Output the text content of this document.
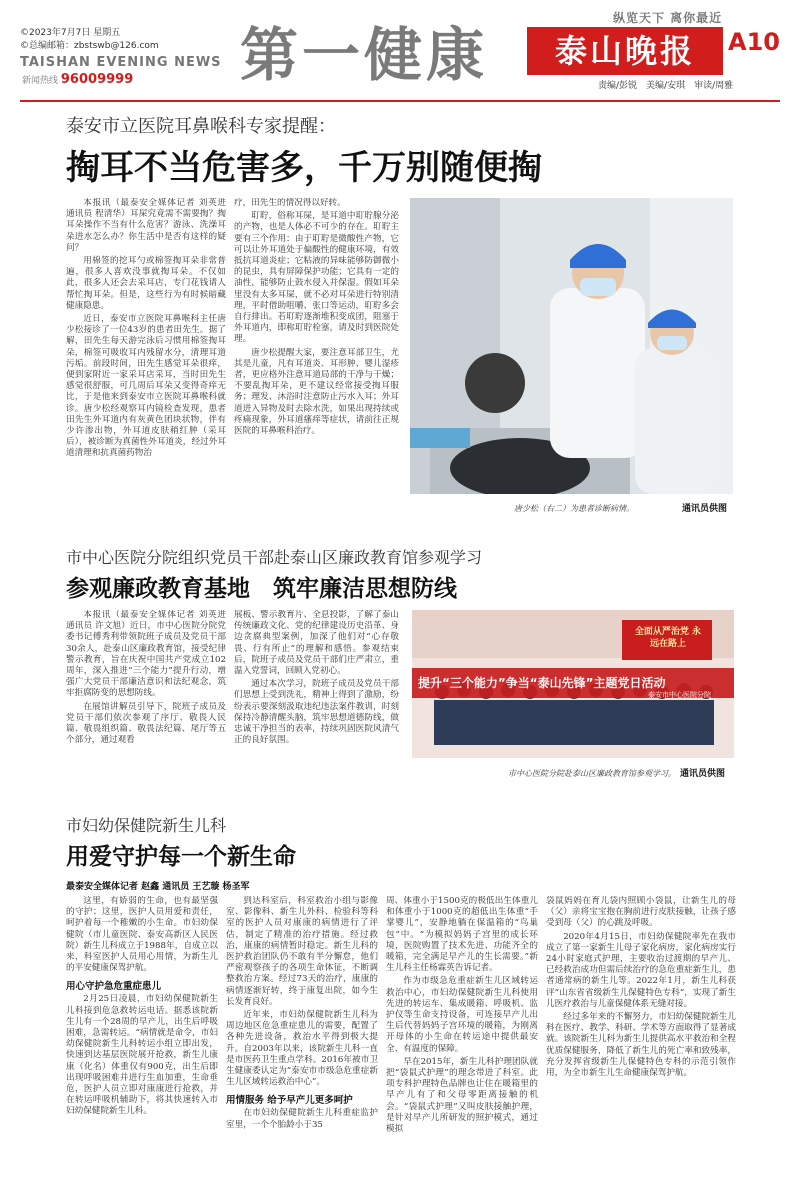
©2023年7月7日 星期五
©总编邮箱：zbstswb@126.com
TAISHAN EVENING NEWS
新闻热线 96009999 第一健康
纵览天下 离你最近
泰山晚报	A10
责编/彭锐　美编/安琪　审读/周雅
泰安市立医院耳鼻喉科专家提醒：
掏耳不当危害多，千万别随便掏

本报讯（最泰安全媒体记者 刘英进 通讯员 程清华）耳屎究竟需不需要掏？掏耳朵操作不当有什么危害？游泳、洗澡耳朵进水怎么办？你生活中是否有这样的疑问？

用棉签的挖耳勺或棉签掏耳朵非常普遍，很多人喜欢没事就掏耳朵。不仅如此，很多人还会去采耳店，专门花钱请人帮忙掏耳朵。但是，这些行为有时候暗藏健康隐患。

近日，泰安市立医院耳鼻喉科主任唐少松接诊了一位43岁的患者田先生。据了解，田先生每天游完泳后习惯用棉签掏耳朵，棉签可吸收耳内残留水分，清理耳道污垢。前段时间，田先生感觉耳朵很痒，便到家附近一家采耳店采耳，当时田先生感觉很舒服，可几周后耳朵又变得奇痒无比，于是他来到泰安市立医院耳鼻喉科就诊。唐少松经观察耳内镜检查发现，患者田先生外耳道内有灰黄色团块状物，伴有少许渗出物，外耳道皮肤稍红肿（采耳后），被诊断为真菌性外耳道炎，经过外耳道清理和抗真菌药物治

疗，田先生的情况得以好转。

耵聍，俗称耳屎，是耳道中耵聍腺分泌的产物，也是人体必不可少的存在。耵聍主要有三个作用：由于耵聍是微酸性产物，它可以让外耳道处于偏酸性的健康环境，有效抵抗耳道炎症；它粘液的异味能够防御微小的昆虫，具有屏障保护功能；它具有一定的油性，能够防止鼓水侵入并保湿。假如耳朵里没有太多耳屎，就不必对耳朵进行特别清理，平时借助咀嚼、张口等运动，耵聍多会自行排出。若耵聍逐渐堆积变成团，阻塞于外耳道内，即称耵聍栓塞，请及时到医院处理。

唐少松提醒大家，要注意耳部卫生，尤其是儿童，凡有耳道炎、耳形肿、婴儿湿疹者，更应格外注意耳道局部的干净与干燥；不要乱掏耳朵，更不建议经常接受掏耳服务；理发、沐浴时注意防止污水入耳；外耳道进入异物及时去除水洗，如果出现持续或疼痛现象，外耳道瘙痒等症状，请前往正规医院的耳鼻喉科治疗。

唐少松（右二）为患者诊断病情。	通讯员供图
市中心医院分院组织党员干部赴泰山区廉政教育馆参观学习
参观廉政教育基地　筑牢廉洁思想防线

本报讯（最泰安全媒体记者 刘英进 通讯员 许文旭）近日，市中心医院分院党委书记傅秀利带领院班子成员及党员干部30余人，赴泰山区廉政教育馆，接受纪律警示教育，旨在庆祝中国共产党成立102周年，深入推进“三个能力”提升行动，增强广大党员干部廉洁意识和法纪观念，筑牢拒腐防变的思想防线。

在展馆讲解员引导下，院班子成员及党员干部们依次参观了序厅、敬畏人民篇、敬畏组织篇、敬畏法纪篇、尾厅等五个部分，通过观看

展板、警示教育片、全息投影，了解了泰山传统廉政文化、党的纪律建设历史沿革、身边贪腐典型案例，加深了他们对“心存敬畏、行有所止”的理解和感悟。参观结束后，院班子成员及党员干部们庄严肃立，重温入党誓词，回顾入党初心。

通过本次学习，院班子成员及党员干部们思想上受到洗礼，精神上得到了激励，纷纷表示要深刻汲取违纪违法案件教训，时刻保持冷静清醒头脑，筑牢思想道德防线，做忠诚干净担当的表率，持续巩固医院风清气正的良好氛围。

全面从严治党 永远在路上
提升“三个能力”争当“泰山先锋”主题党日活动
泰安市中心医院分院
市中心医院分院赴泰山区廉政教育馆参观学习。 通讯员供图
市妇幼保健院新生儿科
用爱守护每一个新生命
最泰安全媒体记者 赵鑫 通讯员 王艺璇 杨圣军

这里，有娇弱的生命，也有最坚强的守护；这里，医护人员用爱和责任，呵护着每一个稚嫩的小生命。市妇幼保健院（市儿童医院、泰安高新区人民医院）新生儿科成立于1988年，自成立以来，科室医护人员用心用情，为新生儿的平安健康保驾护航。

用心守护急危重症患儿

2月25日凌晨，市妇幼保健院新生儿科接到危急救转运电话。据悉该院新生儿有一个28周的早产儿，出生后呼吸困难，急需转运。“病情就是命令，市妇幼保健院新生儿科转运小组立即出发，快速到达基层医院展开抢救，新生儿康康（化名）体重仅有900克，出生后即出现呼吸困难并进行生血加重，生命垂危，医护人员立即对康康进行抢救，并在转运呼吸机辅助下，将其快速转入市妇幼保健院新生儿科。

到达科室后，科室救治小组与影像室、影像科、新生儿外科、检验科等科室的医护人员对康康的病情进行了评估，制定了精准的治疗措施。经过救治，康康的病情暂时稳定。新生儿科的医护救治团队仍不敢有半分懈怠，他们严密观察孩子的各项生命体征，不断调整救治方案。经过73天的治疗，康康的病情逐渐好转，终于康复出院，如今生长发育良好。

近年来，市妇幼保健院新生儿科为周边地区危急重症患儿的需要，配置了各种先进设备，救治水平得到极大提升。自2003年以来，该院新生儿科一直是市医药卫生重点学科。2016年被市卫生健康委认定为“泰安市市级急危重症新生儿区域转运救治中心”。

用情服务 给予早产儿更多呵护

在市妇幼保健院新生儿科重症监护室里，一个个胎龄小于35

周、体重小于1500克的极低出生体重儿和体重小于1000克的超低出生体重“手掌婴儿”，安静地躺在保温箱的“鸟巢包”中。“为模拟妈妈子宫里的成长环境，医院购置了技术先进、功能齐全的暖箱，完全满足早产儿的生长需要。”新生儿科主任杨霖英告诉记者。

作为市级急危重症新生儿区域转运救治中心，市妇幼保健院新生儿科使用先进的转运车、集成暖箱、呼吸机、监护仪等生命支持设备，可连接早产儿出生后代替妈妈子宫环境的暖箱，为刚离开母体的小生命在转运途中提供最安全、有温度的保障。

早在2015年，新生儿科护理团队就把“袋鼠式护理”的理念带进了科室。此项专科护理特色品牌也让住在暖箱里的早产儿有了和父母零距离接触的机会。“袋鼠式护理”又叫皮肤接触护理，是针对早产儿所研发的照护模式，通过模拟

袋鼠妈妈在育儿袋内照顾小袋鼠，让新生儿的母（父）亲将宝宝抱在胸前进行皮肤接触，让孩子感受到母（父）的心跳及呼吸。

2020年4月15日，市妇幼保健院率先在我市成立了第一家新生儿母子家化病房，家化病房实行24小时家庭式护理，主要收治过渡期的早产儿、已经救治成功但需后续治疗的急危重症新生儿，患者通常病的新生儿等。2022年1月，新生儿科获评“山东省省级新生儿保健特色专科”，实现了新生儿医疗救治与儿童保健体系无缝对接。

经过多年来的不懈努力，市妇幼保健院新生儿科在医疗、教学、科研、学术等方面取得了显著成就。该院新生儿科为新生儿提供高水平救治和全程优质保健服务，降低了新生儿的死亡率和致残率，充分发挥省级新生儿保健特色专科的示范引领作用，为全市新生儿生命健康保驾护航。
